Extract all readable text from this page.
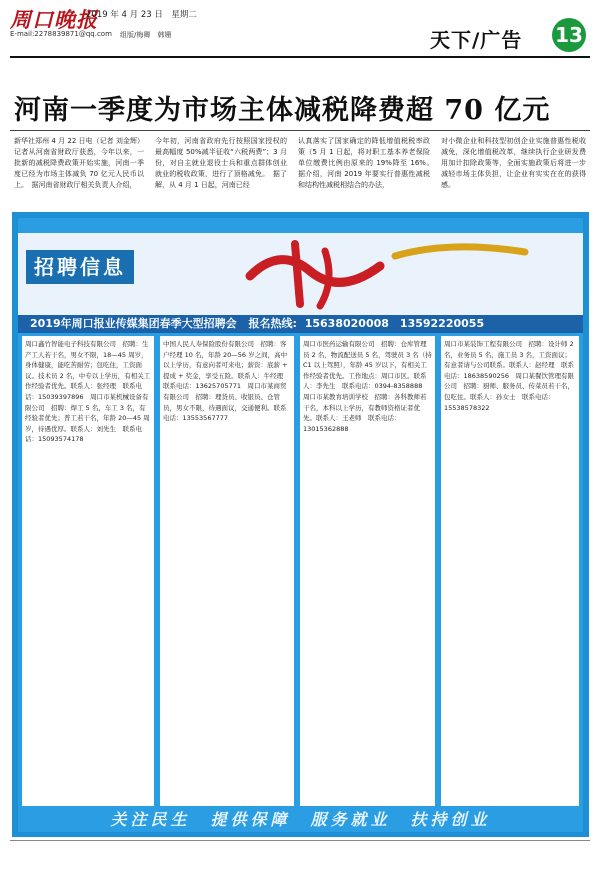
周口晚报
2019 年 4 月 23 日　星期二
E-mail:2278839871@qq.com 组版/梅卿　韩姗	天下/广告 13
河南一季度为市场主体减税降费超 70 亿元
新华社郑州 4 月 22 日电（记者 刘金辉）记者从河南省财政厅获悉，今年以来，一批新的减税降费政策开始实施，河南一季度已经为市场主体减负 70 亿元人民币以上。　据河南省财政厅相关负责人介绍，
今年初，河南省政府先行按照国家授权的最高幅度 50%减半征收“六税两费”；3 月份，对自主就业退役士兵和重点群体创业就业的税收政策，进行了顶格减免。　据了解，从 4 月 1 日起，河南已经
认真落实了国家确定的降低增值税税率政策（5 月 1 日起，将对职工基本养老保险单位缴费比例由原来的 19%降至 16%。　据介绍，河南 2019 年要实行普惠性减税和结构性减税相结合的办法，
对小微企业和科技型初创企业实施普惠性税收减免，深化增值税改革，继续执行企业研发费用加计扣除政策等，全面实施政策后将进一步减轻市场主体负担，让企业有实实在在的获得感。
招聘信息
2019年周口报业传媒集团春季大型招聘会 报名热线: 15638020008　13592220055
周口鑫竹智能电子科技有限公司　招聘：生产工人若干名，男女不限，18—45 周岁，身体健康，能吃苦耐劳；包吃住，工资面议。技术员 2 名，中专以上学历，有相关工作经验者优先。联系人：张经理　联系电话：15039397896　周口市某机械设备有限公司　招聘：焊工 5 名，车工 3 名，有经验者优先；普工若干名，年龄 20—45 周岁，待遇优厚。联系人：刘先生　联系电话：15093574178
中国人民人寿保险股份有限公司　招聘：客户经理 10 名，年龄 20—56 岁之间，高中以上学历，有意向者可来电；薪资：底薪 + 提成 + 奖金，享受五险。联系人：牛经理　联系电话：13625705771　周口市某商贸有限公司　招聘：理货员、收银员、仓管员，男女不限，待遇面议，交通便利。联系电话：13553567777
周口市医药运输有限公司　招聘：仓库管理员 2 名，物流配送员 5 名，驾驶员 3 名（持 C1 以上驾照），年龄 45 岁以下，有相关工作经验者优先。工作地点：周口市区。联系人：李先生　联系电话：0394-8358888　周口市某教育培训学校　招聘：各科教师若干名，本科以上学历，有教师资格证者优先。联系人：王老师　联系电话：13015362888
周口市某装饰工程有限公司　招聘：设计师 2 名，业务员 5 名，施工员 3 名，工资面议；有意者请与公司联系。联系人：赵经理　联系电话：18638590256　周口某餐饮管理有限公司　招聘：厨师、服务员、传菜员若干名，包吃住。联系人：孙女士　联系电话：15538578322
关注民生　提供保障　服务就业　扶持创业
